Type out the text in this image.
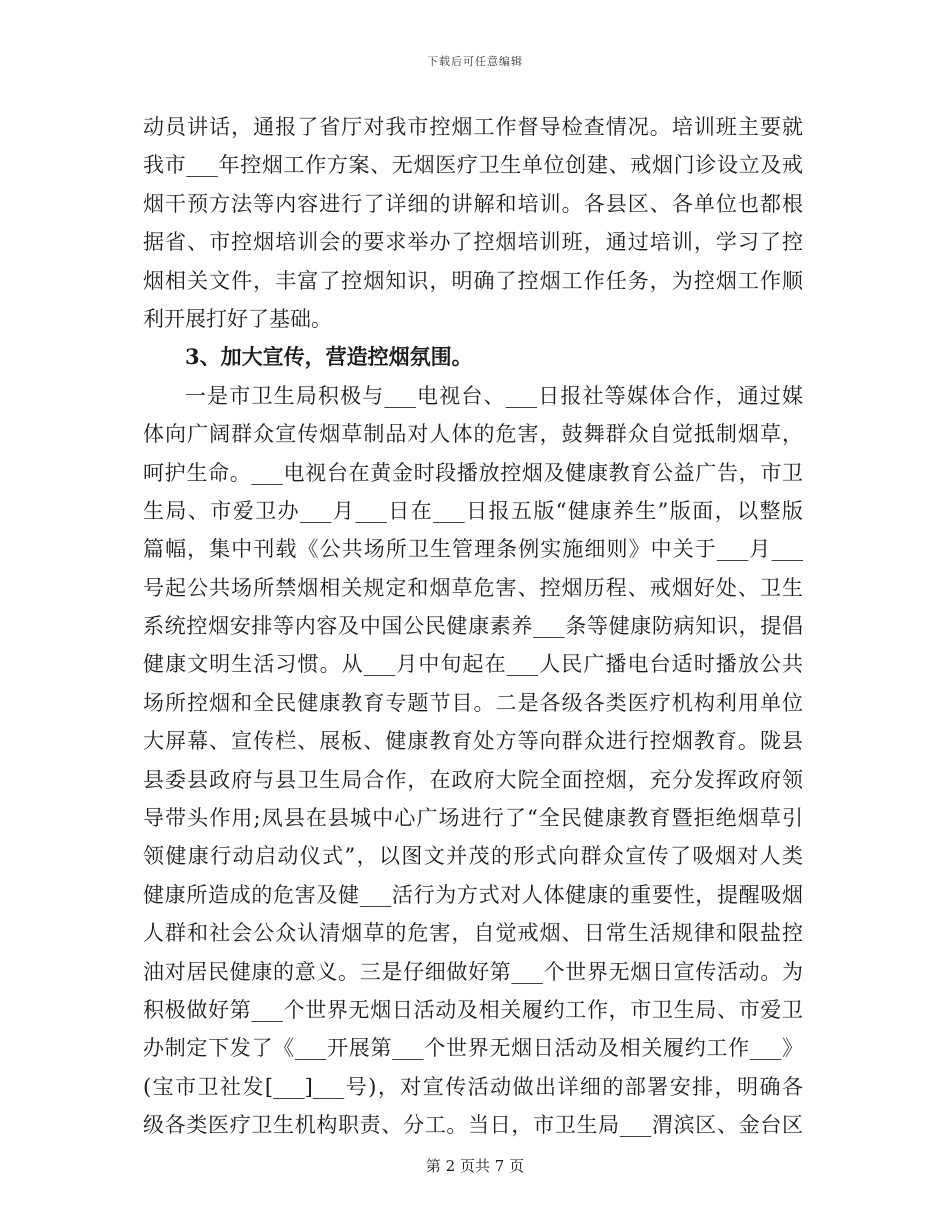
下载后可任意编辑
动员讲话，通报了省厅对我市控烟工作督导检查情况。培训班主要就
我市___年控烟工作方案、无烟医疗卫生单位创建、戒烟门诊设立及戒
烟干预方法等内容进行了详细的讲解和培训。各县区、各单位也都根
据省、市控烟培训会的要求举办了控烟培训班，通过培训，学习了控
烟相关文件，丰富了控烟知识，明确了控烟工作任务，为控烟工作顺
利开展打好了基础。
3、加大宣传，营造控烟氛围。
一是市卫生局积极与___电视台、___日报社等媒体合作，通过媒
体向广阔群众宣传烟草制品对人体的危害，鼓舞群众自觉抵制烟草，
呵护生命。___电视台在黄金时段播放控烟及健康教育公益广告，市卫
生局、市爱卫办___月___日在___日报五版“健康养生”版面，以整版
篇幅，集中刊载《公共场所卫生管理条例实施细则》中关于___月___
号起公共场所禁烟相关规定和烟草危害、控烟历程、戒烟好处、卫生
系统控烟安排等内容及中国公民健康素养___条等健康防病知识，提倡
健康文明生活习惯。从___月中旬起在___人民广播电台适时播放公共
场所控烟和全民健康教育专题节目。二是各级各类医疗机构利用单位
大屏幕、宣传栏、展板、健康教育处方等向群众进行控烟教育。陇县
县委县政府与县卫生局合作，在政府大院全面控烟，充分发挥政府领
导带头作用;凤县在县城中心广场进行了“全民健康教育暨拒绝烟草引
领健康行动启动仪式”，以图文并茂的形式向群众宣传了吸烟对人类
健康所造成的危害及健___活行为方式对人体健康的重要性，提醒吸烟
人群和社会公众认清烟草的危害，自觉戒烟、日常生活规律和限盐控
油对居民健康的意义。三是仔细做好第___个世界无烟日宣传活动。为
积极做好第___个世界无烟日活动及相关履约工作，市卫生局、市爱卫
办制定下发了《___开展第___个世界无烟日活动及相关履约工作___》
(宝市卫社发[___]___号)，对宣传活动做出详细的部署安排，明确各
级各类医疗卫生机构职责、分工。当日，市卫生局___渭滨区、金台区
第 2 页共 7 页
